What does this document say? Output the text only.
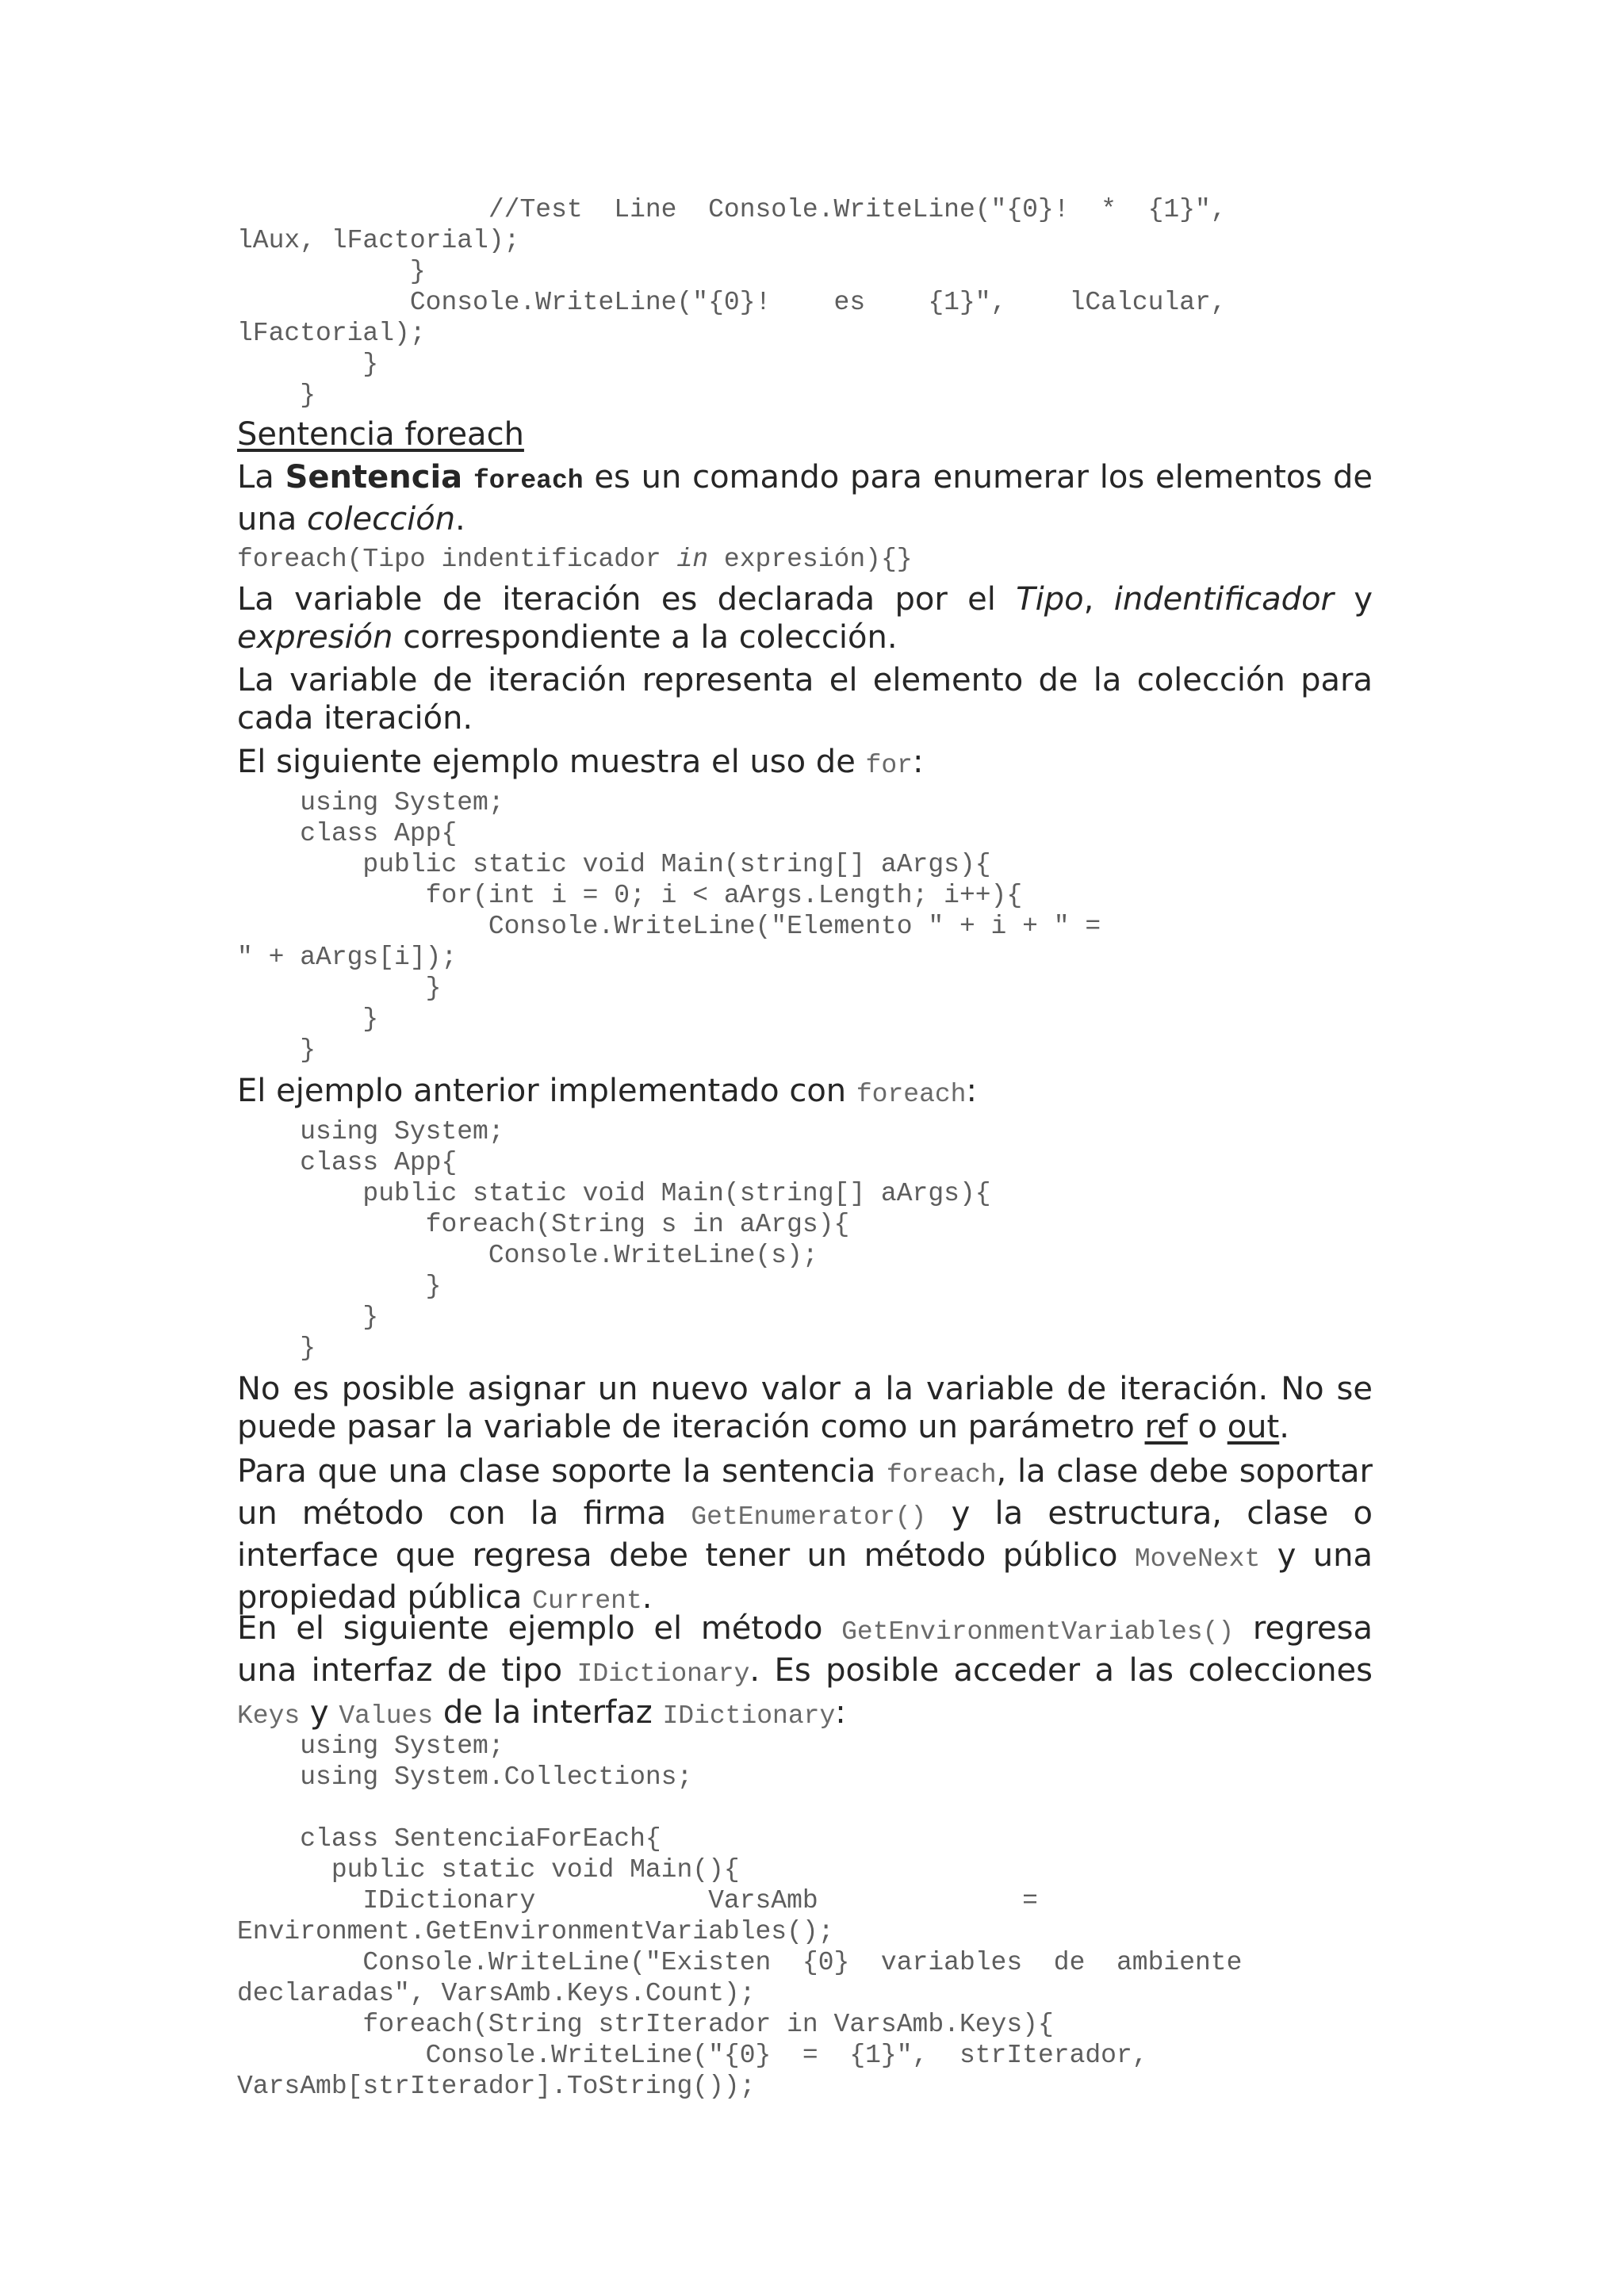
//Test  Line  Console.WriteLine("{0}!  *  {1}",
lAux, lFactorial);
}
Console.WriteLine("{0}!    es    {1}",    lCalcular,
lFactorial);
}
}
Sentencia foreach
La Sentencia foreach es un comando para enumerar los elementos de una colección.
foreach(Tipo indentificador in expresión){}
La variable de iteración es declarada por el Tipo, indentificador y expresión correspondiente a la colección.
La variable de iteración representa el elemento de la colección para cada iteración.
El siguiente ejemplo muestra el uso de for:
using System;
class App{
public static void Main(string[] aArgs){
for(int i = 0; i < aArgs.Length; i++){
Console.WriteLine("Elemento " + i + " =
" + aArgs[i]);
}
}
}
El ejemplo anterior implementado con foreach:
using System;
class App{
public static void Main(string[] aArgs){
foreach(String s in aArgs){
Console.WriteLine(s);
}
}
}
No es posible asignar un nuevo valor a la variable de iteración. No se puede pasar la variable de iteración como un parámetro ref o out.
Para que una clase soporte la sentencia foreach, la clase debe soportar un método con la firma GetEnumerator() y la estructura, clase o interface que regresa debe tener un método público MoveNext y una propiedad pública Current.
En el siguiente ejemplo el método GetEnvironmentVariables() regresa una interfaz de tipo IDictionary. Es posible acceder a las colecciones Keys y Values de la interfaz IDictionary:
using System;
using System.Collections;
class SentenciaForEach{
public static void Main(){
IDictionary           VarsAmb             =
Environment.GetEnvironmentVariables();
Console.WriteLine("Existen  {0}  variables  de  ambiente
declaradas", VarsAmb.Keys.Count);
foreach(String strIterador in VarsAmb.Keys){
Console.WriteLine("{0}  =  {1}",  strIterador,
VarsAmb[strIterador].ToString());
